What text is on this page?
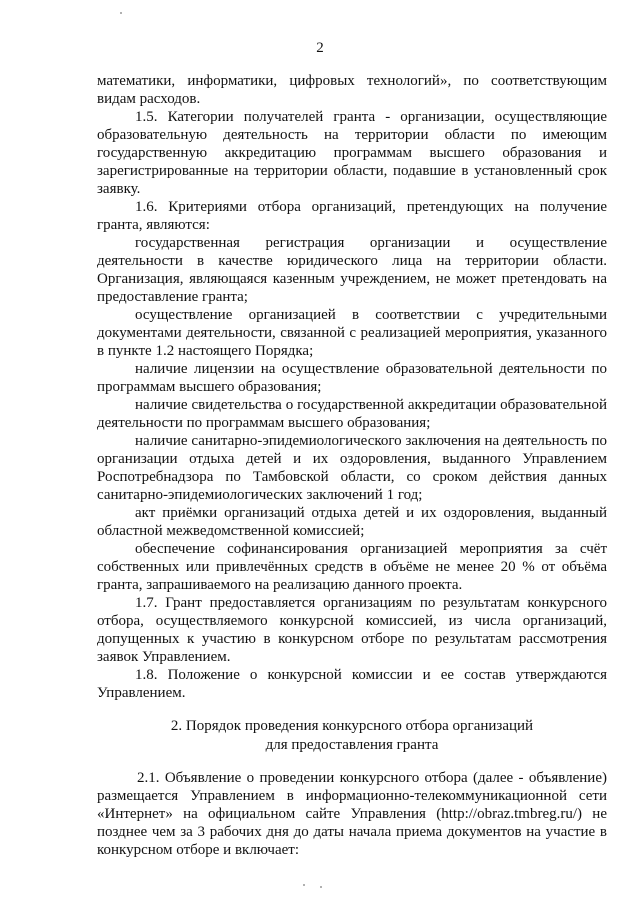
2

математики, информатики, цифровых технологий», по соответствующим видам расходов.

1.5. Категории получателей гранта - организации, осуществляющие образовательную деятельность на территории области по имеющим государственную аккредитацию программам высшего образования и зарегистрированные на территории области, подавшие в установленный срок заявку.

1.6. Критериями отбора организаций, претендующих на получение гранта, являются:

государственная регистрация организации и осуществление деятельности в качестве юридического лица на территории области. Организация, являющаяся казенным учреждением, не может претендовать на предоставление гранта;

осуществление организацией в соответствии с учредительными документами деятельности, связанной с реализацией мероприятия, указанного в пункте 1.2 настоящего Порядка;

наличие лицензии на осуществление образовательной деятельности по программам высшего образования;

наличие свидетельства о государственной аккредитации образовательной деятельности по программам высшего образования;

наличие санитарно-эпидемиологического заключения на деятельность по организации отдыха детей и их оздоровления, выданного Управлением Роспотребнадзора по Тамбовской области, со сроком действия данных санитарно-эпидемиологических заключений 1 год;

акт приёмки организаций отдыха детей и их оздоровления, выданный областной межведомственной комиссией;

обеспечение софинансирования организацией мероприятия за счёт собственных или привлечённых средств в объёме не менее 20 % от объёма гранта, запрашиваемого на реализацию данного проекта.

1.7. Грант предоставляется организациям по результатам конкурсного отбора, осуществляемого конкурсной комиссией, из числа организаций, допущенных к участию в конкурсном отборе по результатам рассмотрения заявок Управлением.

1.8. Положение о конкурсной комиссии и ее состав утверждаются Управлением.

2. Порядок проведения конкурсного отбора организаций
для предоставления гранта

2.1. Объявление о проведении конкурсного отбора (далее - объявление) размещается Управлением в информационно-телекоммуникационной сети «Интернет» на официальном сайте Управления (http://obraz.tmbreg.ru/) не позднее чем за 3 рабочих дня до даты начала приема документов на участие в конкурсном отборе и включает:
